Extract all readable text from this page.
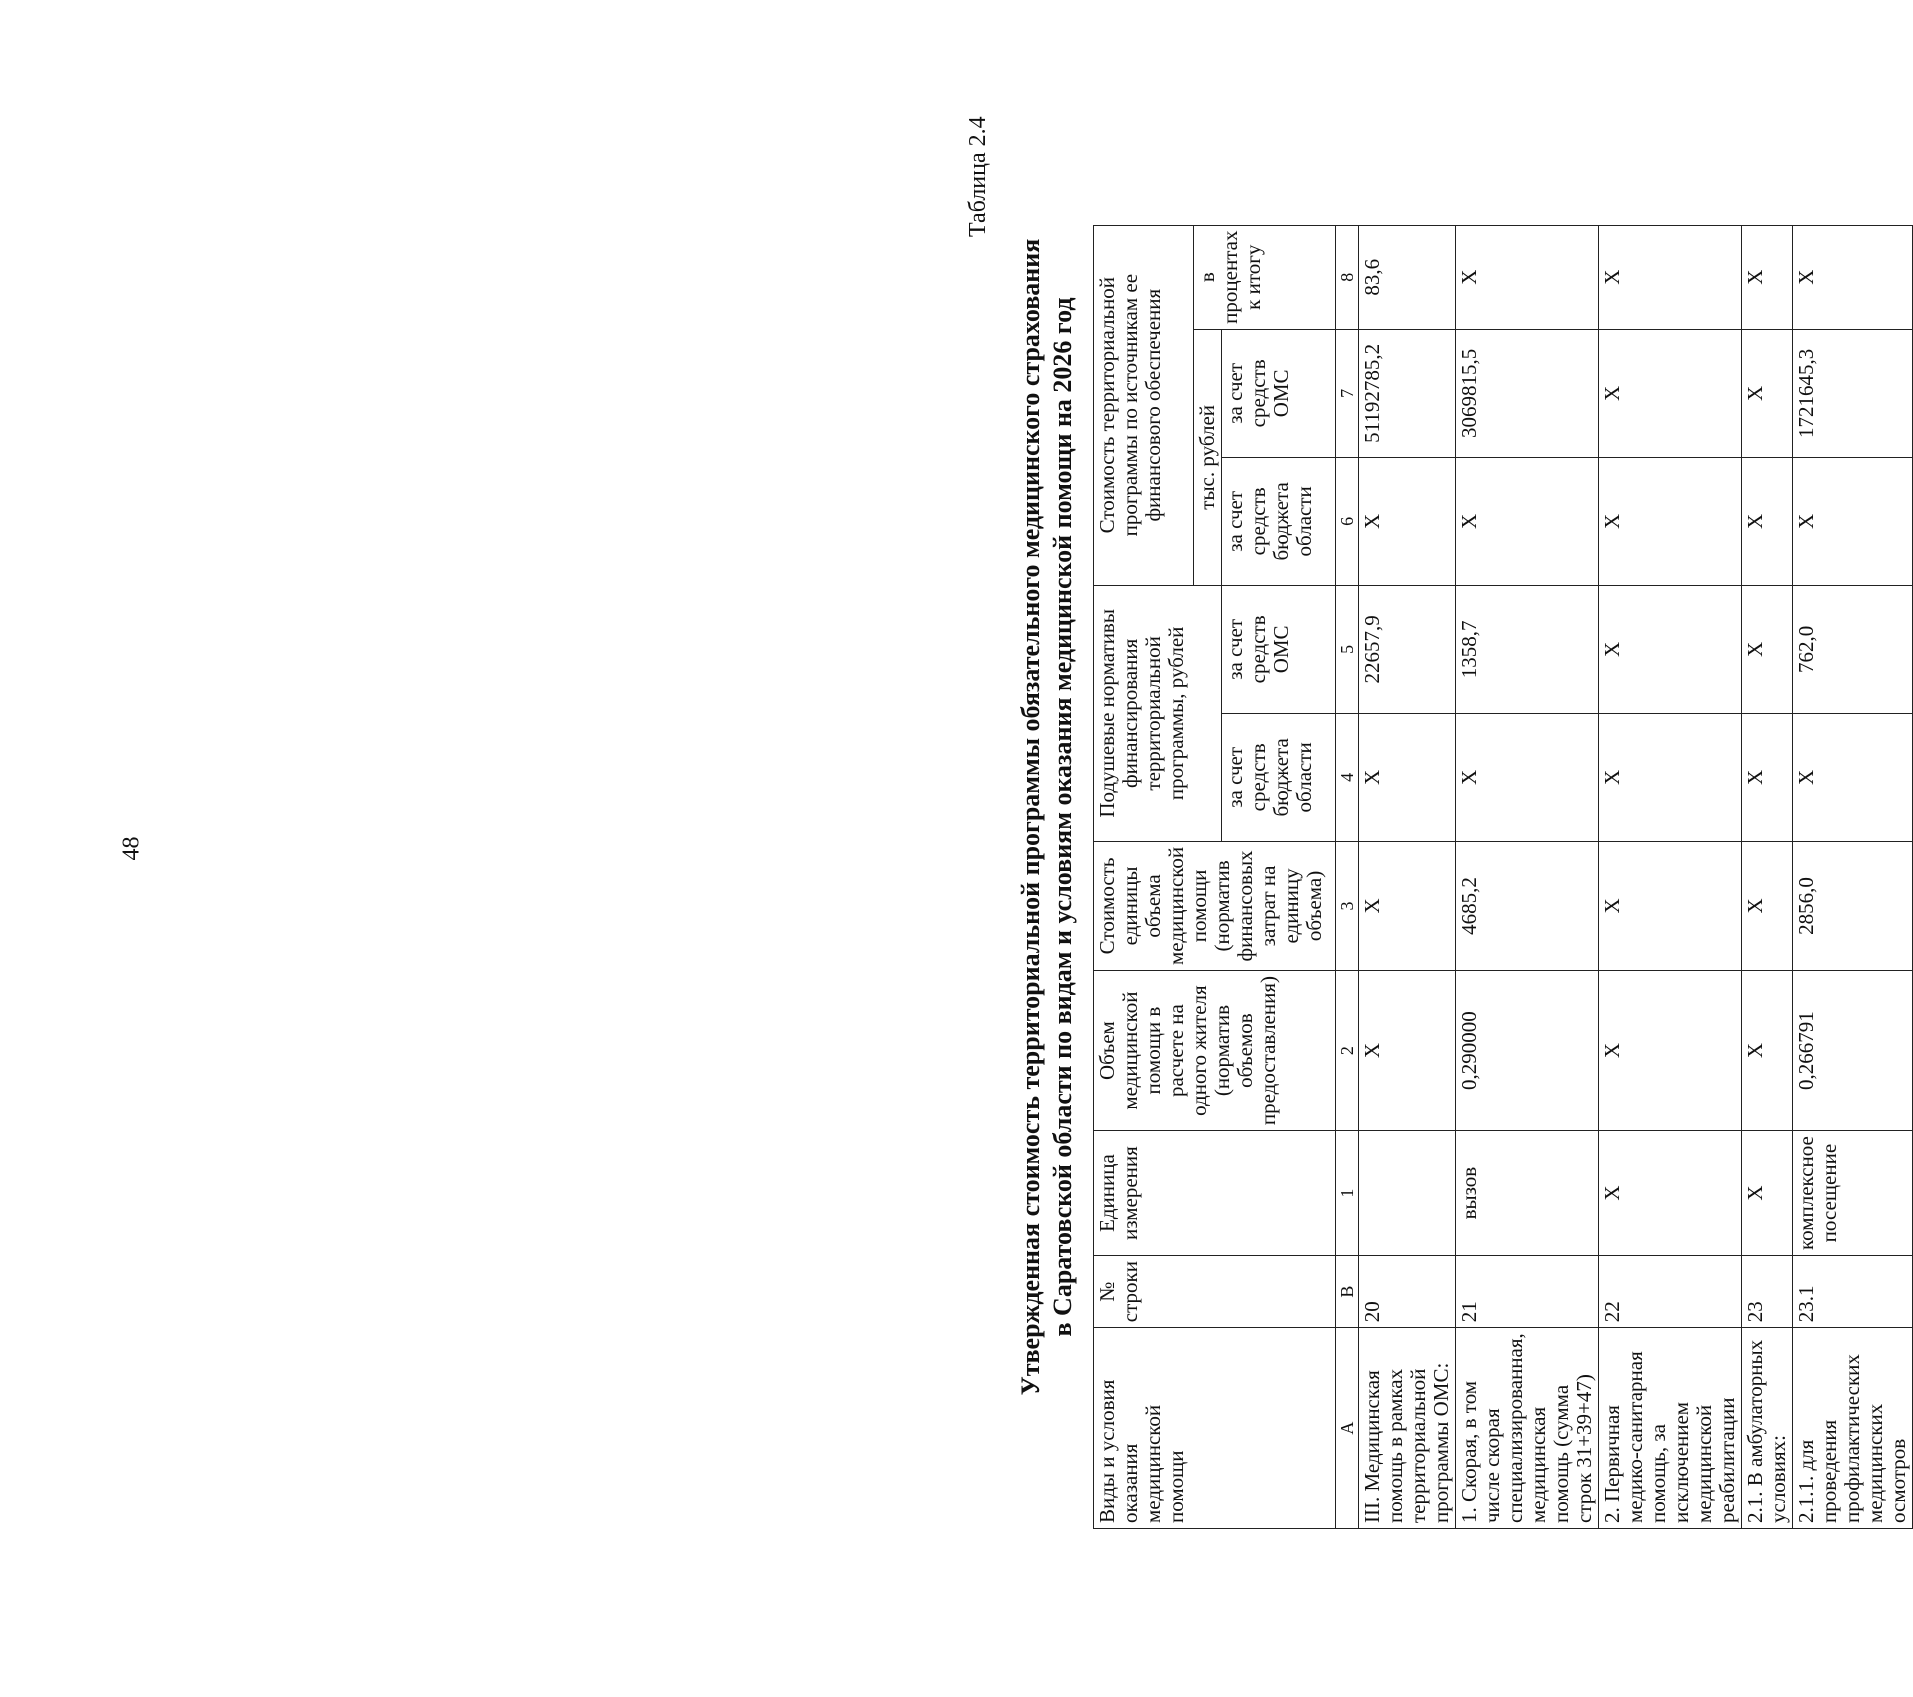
48
Таблица 2.4
Утвержденная стоимость территориальной программы обязательного медицинского страхования в Саратовской области по видам и условиям оказания медицинской помощи на 2026 год
Виды и условия оказания медицинской помощи	№ строки	Единица измерения	Объем медицинской помощи в расчете на одного жителя (норматив объемов предоставления)	Стоимость единицы объема медицинской помощи (норматив финансовых затрат на единицу объема)	Подушевые нормативы финансирования территориальной программы, рублей		Стоимость территориальной программы по источникам ее финансового обеспечения		
							тыс. рублей		в процентах к итогу
					за счет средств бюджета области	за счет средств ОМС	за счет средств бюджета области	за счет средств ОМС	
А	В	1	2	3	4	5	6	7	8
III. Медицинская помощь в рамках территориальной программы ОМС:	20		Х	Х	Х	22657,9	Х	51192785,2	83,6
1. Скорая, в том числе скорая специализированная, медицинская помощь (сумма строк 31+39+47)	21	вызов	0,290000	4685,2	Х	1358,7	Х	3069815,5	Х
2. Первичная медико-санитарная помощь, за исключением медицинской реабилитации	22	Х	Х	Х	Х	Х	Х	Х	Х
2.1. В амбулаторных условиях:	23	Х	Х	Х	Х	Х	Х	Х	Х
2.1.1. для проведения профилактических медицинских осмотров	23.1	комплексное посещение	0,266791	2856,0	Х	762,0	Х	1721645,3	Х
